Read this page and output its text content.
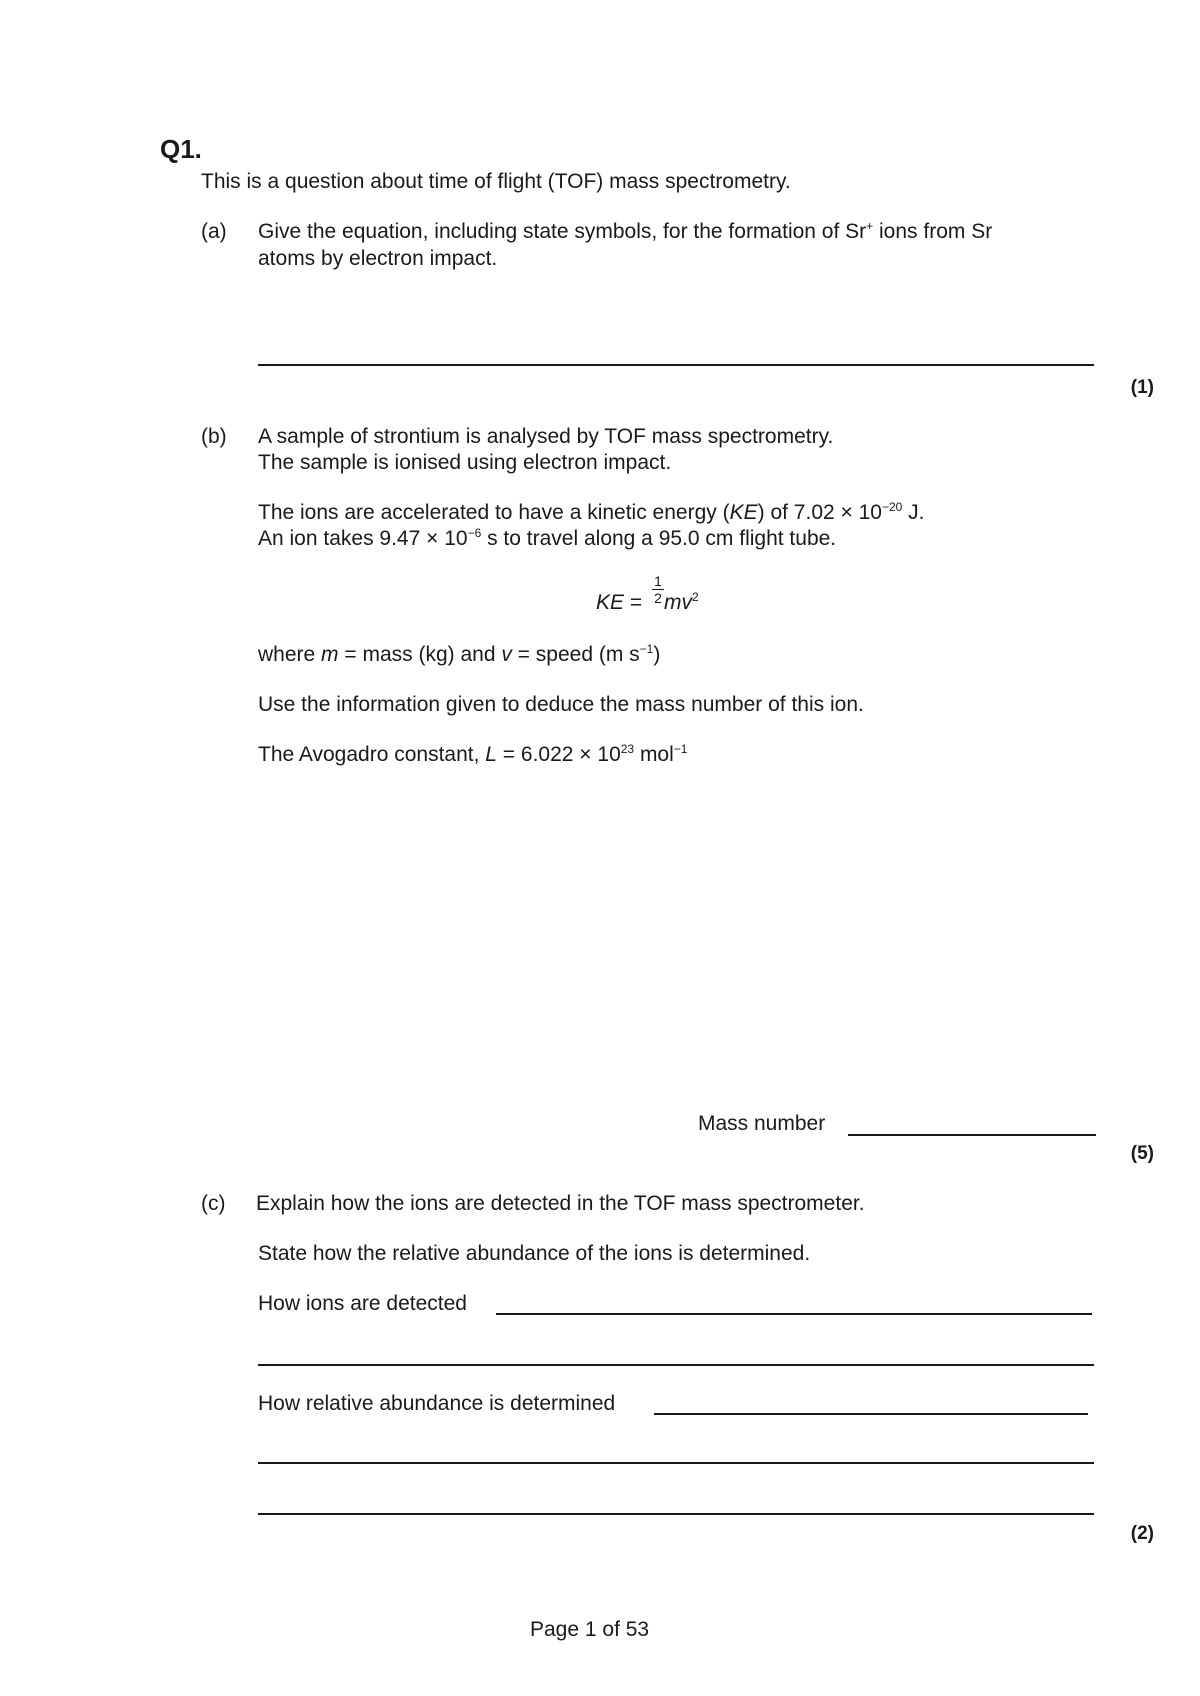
Q1.
This is a question about time of flight (TOF) mass spectrometry.
(a) Give the equation, including state symbols, for the formation of Sr+ ions from Sr
atoms by electron impact.
(1)
(b) A sample of strontium is analysed by TOF mass spectrometry.
The sample is ionised using electron impact.
The ions are accelerated to have a kinetic energy (KE) of $7.02 \times 10^{-20}$ J.
An ion takes $9.47 \times 10^{-6}$ s to travel along a 95.0 cm flight tube.
KE = $mv^2$
1
2
where m = mass (kg) and v = speed (m $s^{-1}$)
Use the information given to deduce the mass number of this ion.
The Avogadro constant, $L = 6.022 \times 10^{23}$ mol$^{-1}$
Mass number
(5)
(c) Explain how the ions are detected in the TOF mass spectrometer.
State how the relative abundance of the ions is determined.
How ions are detected
How relative abundance is determined
(2)
Page 1 of 53
